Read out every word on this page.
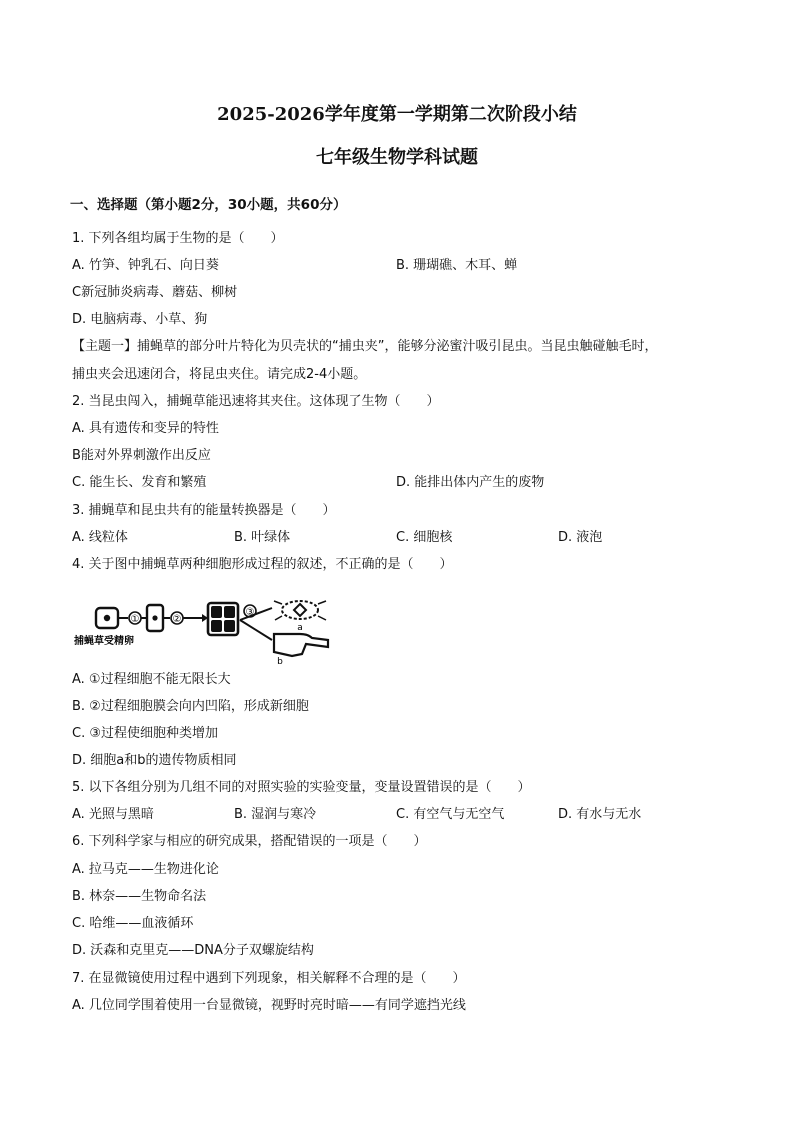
2025-2026学年度第一学期第二次阶段小结
七年级生物学科试题
一、选择题（第小题2分，30小题，共60分）
1. 下列各组均属于生物的是（　　）
A. 竹笋、钟乳石、向日葵	B. 珊瑚礁、木耳、蝉
C新冠肺炎病毒、蘑菇、柳树
D. 电脑病毒、小草、狗
【主题一】捕蝇草的部分叶片特化为贝壳状的“捕虫夹”，能够分泌蜜汁吸引昆虫。当昆虫触碰触毛时，
捕虫夹会迅速闭合，将昆虫夹住。请完成2-4小题。
2. 当昆虫闯入，捕蝇草能迅速将其夹住。这体现了生物（　　）
A. 具有遗传和变异的特性
B能对外界刺激作出反应
C. 能生长、发育和繁殖	D. 能排出体内产生的废物
3. 捕蝇草和昆虫共有的能量转换器是（　　）
A. 线粒体	B. 叶绿体	C. 细胞核	D. 液泡
4. 关于图中捕蝇草两种细胞形成过程的叙述，不正确的是（　　）
①	②
③
a
b
捕蝇草受精卵
A. ①过程细胞不能无限长大
B. ②过程细胞膜会向内凹陷，形成新细胞
C. ③过程使细胞种类增加
D. 细胞a和b的遗传物质相同
5. 以下各组分别为几组不同的对照实验的实验变量，变量设置错误的是（　　）
A. 光照与黑暗	B. 湿润与寒冷	C. 有空气与无空气	D. 有水与无水
6. 下列科学家与相应的研究成果，搭配错误的一项是（　　）
A. 拉马克——生物进化论
B. 林奈——生物命名法
C. 哈维——血液循环
D. 沃森和克里克——DNA分子双螺旋结构
7. 在显微镜使用过程中遇到下列现象，相关解释不合理的是（　　）
A. 几位同学围着使用一台显微镜，视野时亮时暗——有同学遮挡光线
